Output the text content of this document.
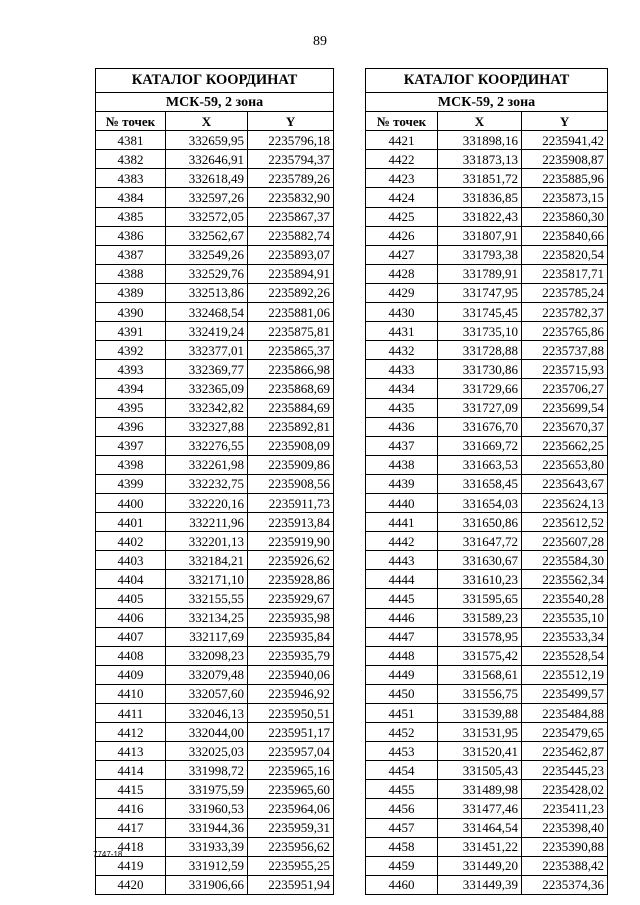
89
КАТАЛОГ КООРДИНАТ		
МСК-59, 2 зона		
№ точек	X	Y
4381	332659,95	2235796,18
4382	332646,91	2235794,37
4383	332618,49	2235789,26
4384	332597,26	2235832,90
4385	332572,05	2235867,37
4386	332562,67	2235882,74
4387	332549,26	2235893,07
4388	332529,76	2235894,91
4389	332513,86	2235892,26
4390	332468,54	2235881,06
4391	332419,24	2235875,81
4392	332377,01	2235865,37
4393	332369,77	2235866,98
4394	332365,09	2235868,69
4395	332342,82	2235884,69
4396	332327,88	2235892,81
4397	332276,55	2235908,09
4398	332261,98	2235909,86
4399	332232,75	2235908,56
4400	332220,16	2235911,73
4401	332211,96	2235913,84
4402	332201,13	2235919,90
4403	332184,21	2235926,62
4404	332171,10	2235928,86
4405	332155,55	2235929,67
4406	332134,25	2235935,98
4407	332117,69	2235935,84
4408	332098,23	2235935,79
4409	332079,48	2235940,06
4410	332057,60	2235946,92
4411	332046,13	2235950,51
4412	332044,00	2235951,17
4413	332025,03	2235957,04
4414	331998,72	2235965,16
4415	331975,59	2235965,60
4416	331960,53	2235964,06
4417	331944,36	2235959,31
4418	331933,39	2235956,62
4419	331912,59	2235955,25
4420	331906,66	2235951,94
КАТАЛОГ КООРДИНАТ		
МСК-59, 2 зона		
№ точек	X	Y
4421	331898,16	2235941,42
4422	331873,13	2235908,87
4423	331851,72	2235885,96
4424	331836,85	2235873,15
4425	331822,43	2235860,30
4426	331807,91	2235840,66
4427	331793,38	2235820,54
4428	331789,91	2235817,71
4429	331747,95	2235785,24
4430	331745,45	2235782,37
4431	331735,10	2235765,86
4432	331728,88	2235737,88
4433	331730,86	2235715,93
4434	331729,66	2235706,27
4435	331727,09	2235699,54
4436	331676,70	2235670,37
4437	331669,72	2235662,25
4438	331663,53	2235653,80
4439	331658,45	2235643,67
4440	331654,03	2235624,13
4441	331650,86	2235612,52
4442	331647,72	2235607,28
4443	331630,67	2235584,30
4444	331610,23	2235562,34
4445	331595,65	2235540,28
4446	331589,23	2235535,10
4447	331578,95	2235533,34
4448	331575,42	2235528,54
4449	331568,61	2235512,19
4450	331556,75	2235499,57
4451	331539,88	2235484,88
4452	331531,95	2235479,65
4453	331520,41	2235462,87
4454	331505,43	2235445,23
4455	331489,98	2235428,02
4456	331477,46	2235411,23
4457	331464,54	2235398,40
4458	331451,22	2235390,88
4459	331449,20	2235388,42
4460	331449,39	2235374,36
7747-18
